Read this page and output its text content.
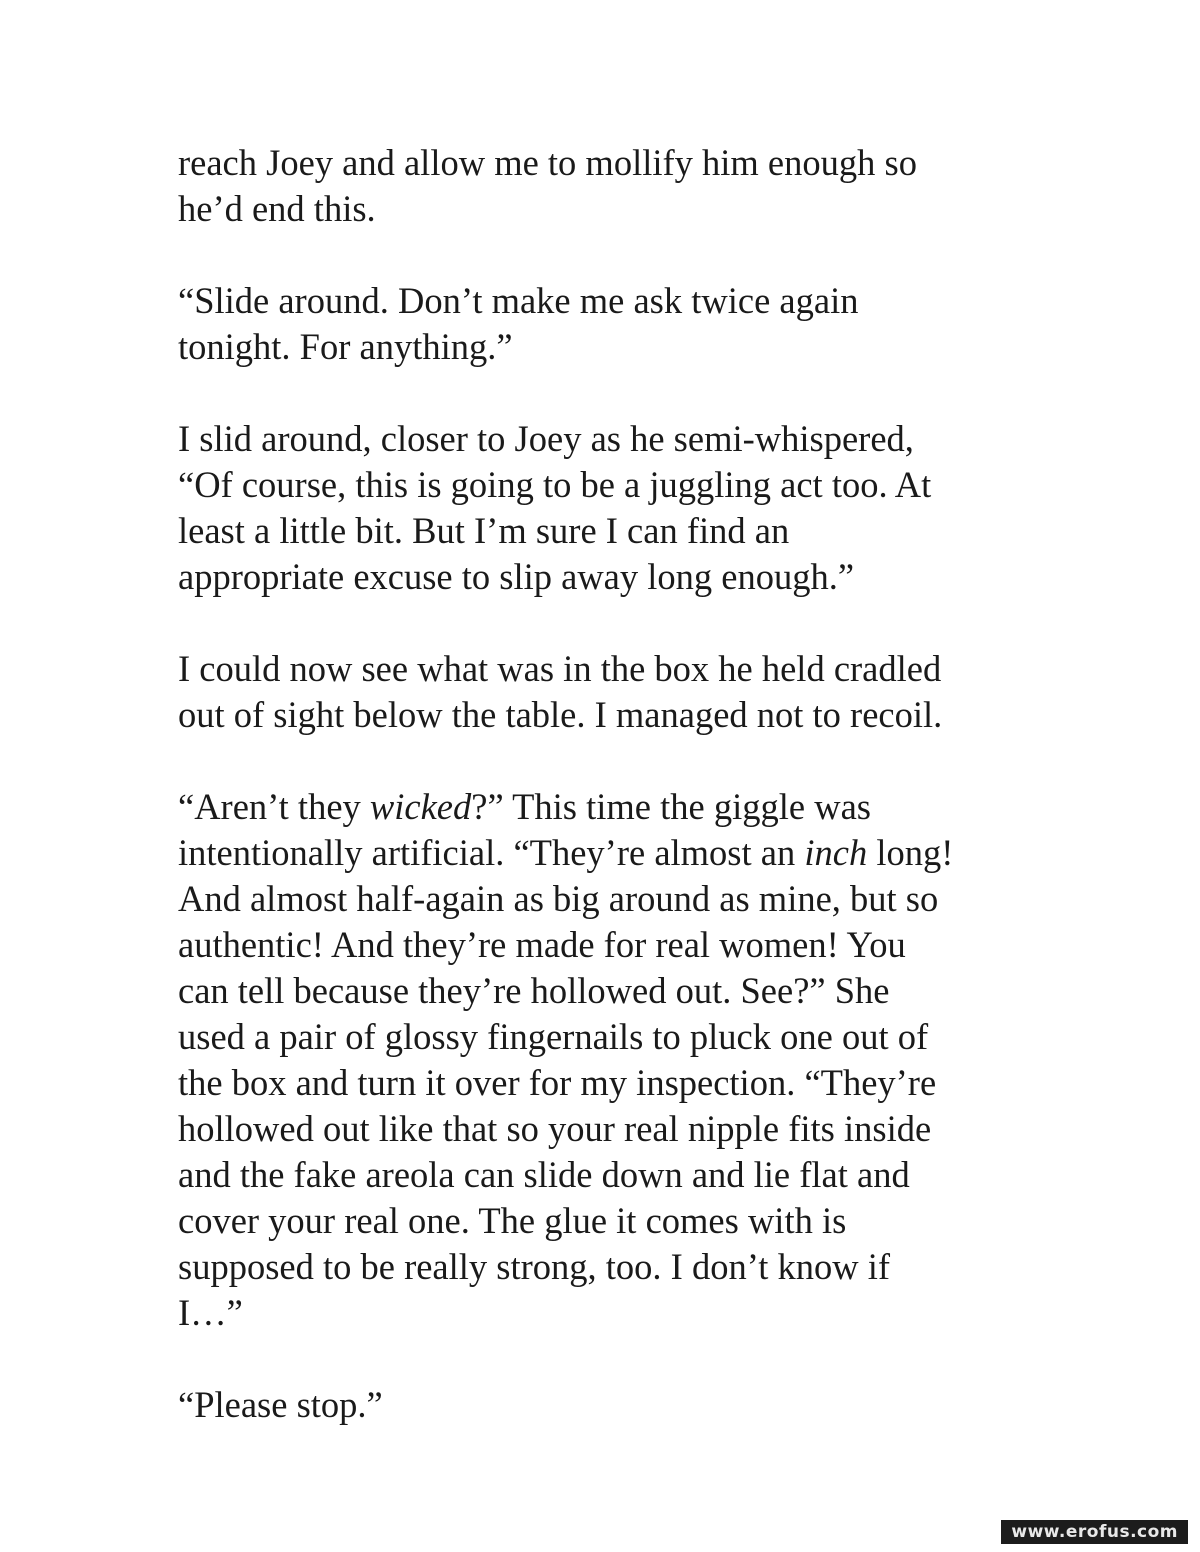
reach Joey and allow me to mollify him enough so
he’d end this.

“Slide around. Don’t make me ask twice again
tonight. For anything.”

I slid around, closer to Joey as he semi-whispered,
“Of course, this is going to be a juggling act too. At
least a little bit. But I’m sure I can find an
appropriate excuse to slip away long enough.”

I could now see what was in the box he held cradled
out of sight below the table. I managed not to recoil.

“Aren’t they wicked?” This time the giggle was
intentionally artificial. “They’re almost an inch long!
And almost half-again as big around as mine, but so
authentic! And they’re made for real women! You
can tell because they’re hollowed out. See?” She
used a pair of glossy fingernails to pluck one out of
the box and turn it over for my inspection. “They’re
hollowed out like that so your real nipple fits inside
and the fake areola can slide down and lie flat and
cover your real one. The glue it comes with is
supposed to be really strong, too. I don’t know if
I…”

“Please stop.”

www.erofus.com
